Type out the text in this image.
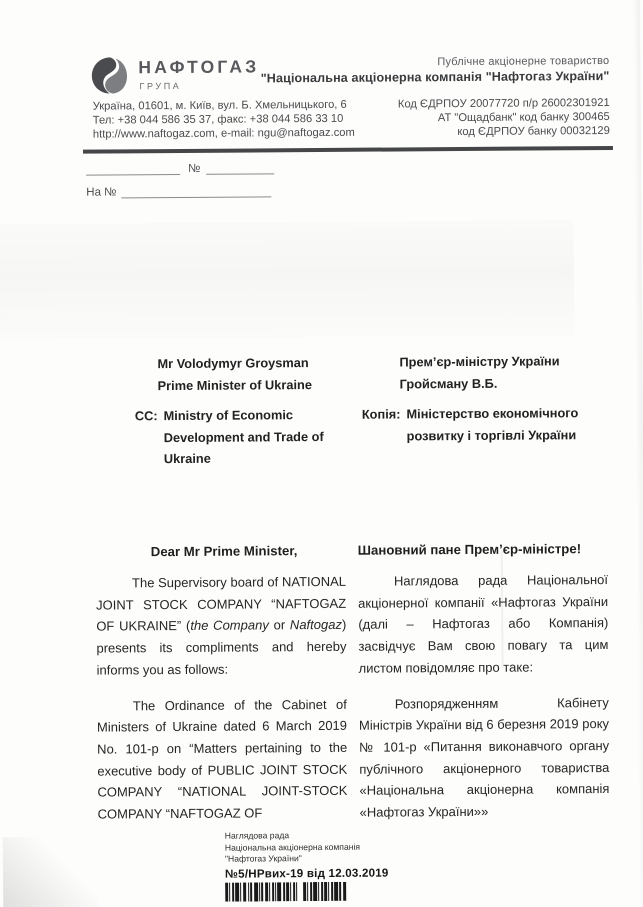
НАФТОГАЗ
ГРУПА
Публічне акціонерне товариство
"Національна акціонерна компанія "Нафтогаз України"
Україна, 01601, м. Київ, вул. Б. Хмельницького, 6
Тел: +38 044 586 35 37, факс: +38 044 586 33 10
http://www.naftogaz.com, e-mail: ngu@naftogaz.com
Код ЄДРПОУ 20077720 п/р 26002301921
АТ "Ощадбанк" код банку 300465
код ЄДРПОУ банку 00032129
№
На №
Mr Volodymyr Groysman
Prime Minister of Ukraine
CC: Ministry of Economic Development and Trade of Ukraine
Прем’єр-міністру України
Гройсману В.Б.
Копія: Міністерство економічного розвитку і торгівлі України

Dear Mr Prime Minister,

The Supervisory board of NATIONAL JOINT STOCK COMPANY “NAFTOGAZ OF UKRAINE” (the Company or Naftogaz) presents its compliments and hereby informs you as follows:

The Ordinance of the Cabinet of Ministers of Ukraine dated 6 March 2019 No. 101-p on “Matters pertaining to the executive body of PUBLIC JOINT STOCK COMPANY “NATIONAL JOINT-STOCK COMPANY “NAFTOGAZ OF

Шановний пане Прем’єр-міністре!

Наглядова рада Національної акціонерної компанії «Нафтогаз України (далі – Нафтогаз або Компанія) засвідчує Вам свою повагу та цим листом повідомляє про таке:

Розпорядженням Кабінету Міністрів України від 6 березня 2019 року № 101-р «Питання виконавчого органу публічного акціонерного товариства «Національна акціонерна компанія «Нафтогаз України»»

Наглядова рада
Національна акціонерна компанія
"Нафтогаз України"
№5/НРвих-19 від 12.03.2019
